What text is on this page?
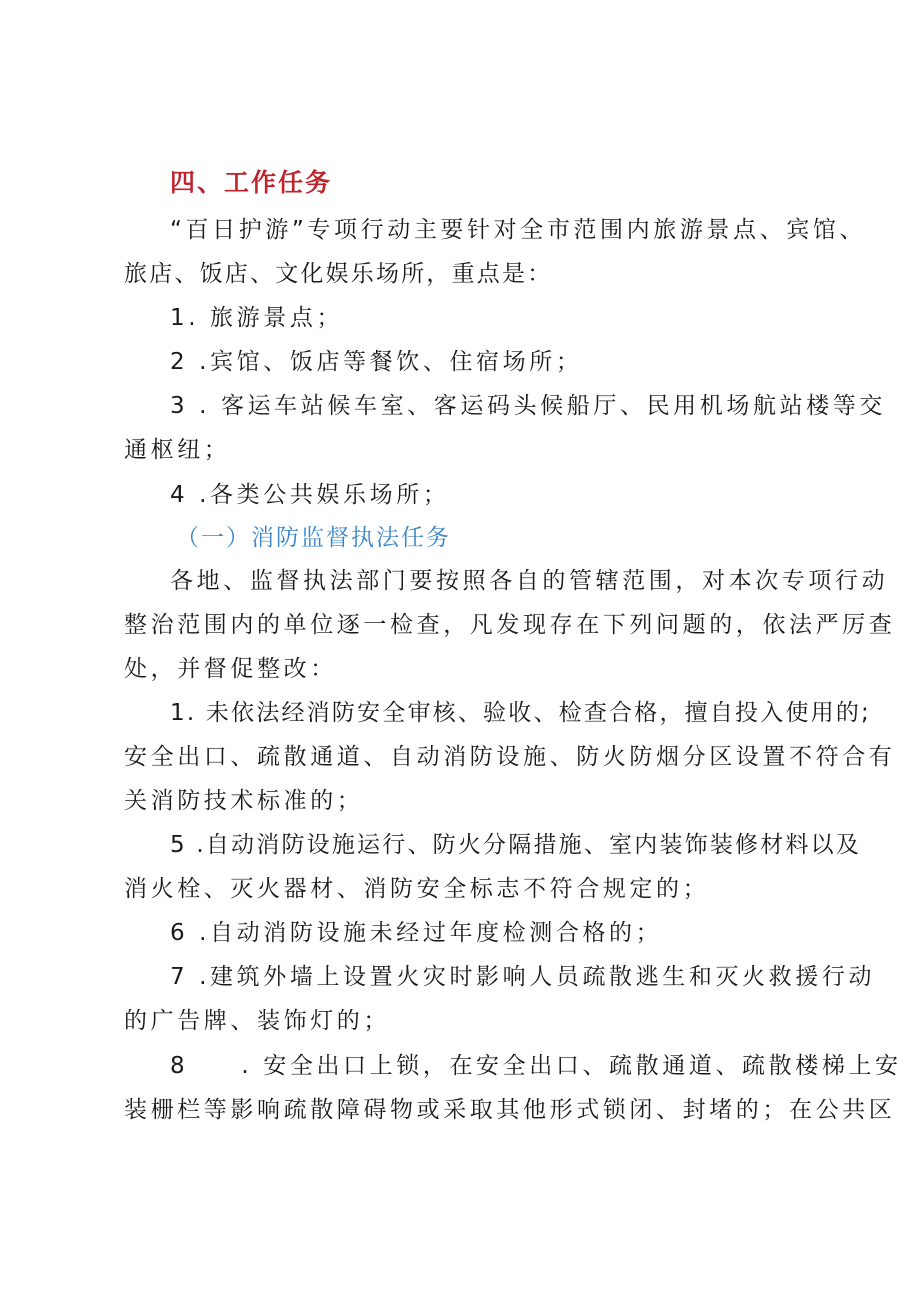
四、工作任务
“百日护游”专项行动主要针对全市范围内旅游景点、宾馆、
旅店、饭店、文化娱乐场所，重点是：
1. 旅游景点；
2 .宾馆、饭店等餐饮、住宿场所；
3 . 客运车站候车室、客运码头候船厅、民用机场航站楼等交
通枢纽；
4 .各类公共娱乐场所；
（一）消防监督执法任务
各地、监督执法部门要按照各自的管辖范围，对本次专项行动
整治范围内的单位逐一检查，凡发现存在下列问题的，依法严厉查
处，并督促整改：
1. 未依法经消防安全审核、验收、检查合格，擅自投入使用的;
安全出口、疏散通道、自动消防设施、防火防烟分区设置不符合有
关消防技术标准的；
5 .自动消防设施运行、防火分隔措施、室内装饰装修材料以及
消火栓、灭火器材、消防安全标志不符合规定的；
6 .自动消防设施未经过年度检测合格的；
7 .建筑外墙上设置火灾时影响人员疏散逃生和灭火救援行动
的广告牌、装饰灯的；
8　　. 安全出口上锁，在安全出口、疏散通道、疏散楼梯上安
装栅栏等影响疏散障碍物或采取其他形式锁闭、封堵的；在公共区
